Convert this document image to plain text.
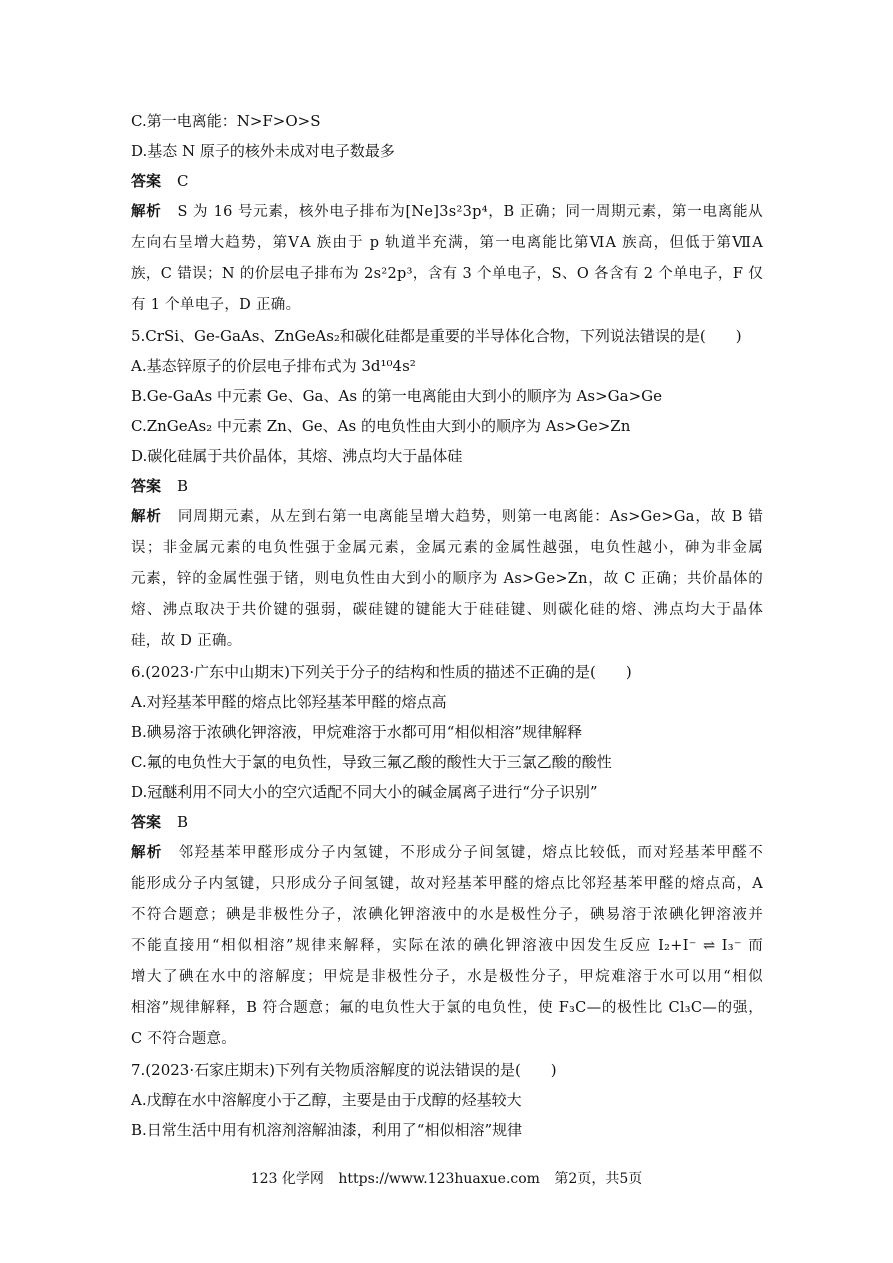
C.第一电离能：N>F>O>S
D.基态 N 原子的核外未成对电子数最多
答案 C
解析 S 为 16 号元素，核外电子排布为[Ne]3s²3p⁴，B 正确；同一周期元素，第一电离能从
左向右呈增大趋势，第ⅤA 族由于 p 轨道半充满，第一电离能比第ⅥA 族高，但低于第ⅦA
族，C 错误；N 的价层电子排布为 2s²2p³，含有 3 个单电子，S、O 各含有 2 个单电子，F 仅
有 1 个单电子，D 正确。
5.CrSi、Ge-GaAs、ZnGeAs₂和碳化硅都是重要的半导体化合物，下列说法错误的是(　　)
A.基态锌原子的价层电子排布式为 3d¹⁰4s²
B.Ge-GaAs 中元素 Ge、Ga、As 的第一电离能由大到小的顺序为 As>Ga>Ge
C.ZnGeAs₂ 中元素 Zn、Ge、As 的电负性由大到小的顺序为 As>Ge>Zn
D.碳化硅属于共价晶体，其熔、沸点均大于晶体硅
答案 B
解析 同周期元素，从左到右第一电离能呈增大趋势，则第一电离能：As>Ge>Ga，故 B 错
误；非金属元素的电负性强于金属元素，金属元素的金属性越强，电负性越小，砷为非金属
元素，锌的金属性强于锗，则电负性由大到小的顺序为 As>Ge>Zn，故 C 正确；共价晶体的
熔、沸点取决于共价键的强弱，碳硅键的键能大于硅硅键、则碳化硅的熔、沸点均大于晶体
硅，故 D 正确。
6.(2023·广东中山期末)下列关于分子的结构和性质的描述不正确的是(　　)
A.对羟基苯甲醛的熔点比邻羟基苯甲醛的熔点高
B.碘易溶于浓碘化钾溶液，甲烷难溶于水都可用“相似相溶”规律解释
C.氟的电负性大于氯的电负性，导致三氟乙酸的酸性大于三氯乙酸的酸性
D.冠醚利用不同大小的空穴适配不同大小的碱金属离子进行“分子识别”
答案 B
解析 邻羟基苯甲醛形成分子内氢键，不形成分子间氢键，熔点比较低，而对羟基苯甲醛不
能形成分子内氢键，只形成分子间氢键，故对羟基苯甲醛的熔点比邻羟基苯甲醛的熔点高，A
不符合题意；碘是非极性分子，浓碘化钾溶液中的水是极性分子，碘易溶于浓碘化钾溶液并
不能直接用“相似相溶”规律来解释，实际在浓的碘化钾溶液中因发生反应 I₂+I⁻ ⇌ I₃⁻ 而
增大了碘在水中的溶解度；甲烷是非极性分子，水是极性分子，甲烷难溶于水可以用“相似
相溶”规律解释，B 符合题意；氟的电负性大于氯的电负性，使 F₃C—的极性比 Cl₃C—的强，
C 不符合题意。
7.(2023·石家庄期末)下列有关物质溶解度的说法错误的是(　　)
A.戊醇在水中溶解度小于乙醇，主要是由于戊醇的烃基较大
B.日常生活中用有机溶剂溶解油漆，利用了“相似相溶”规律
123 化学网 https://www.123huaxue.com 第2页，共5页
